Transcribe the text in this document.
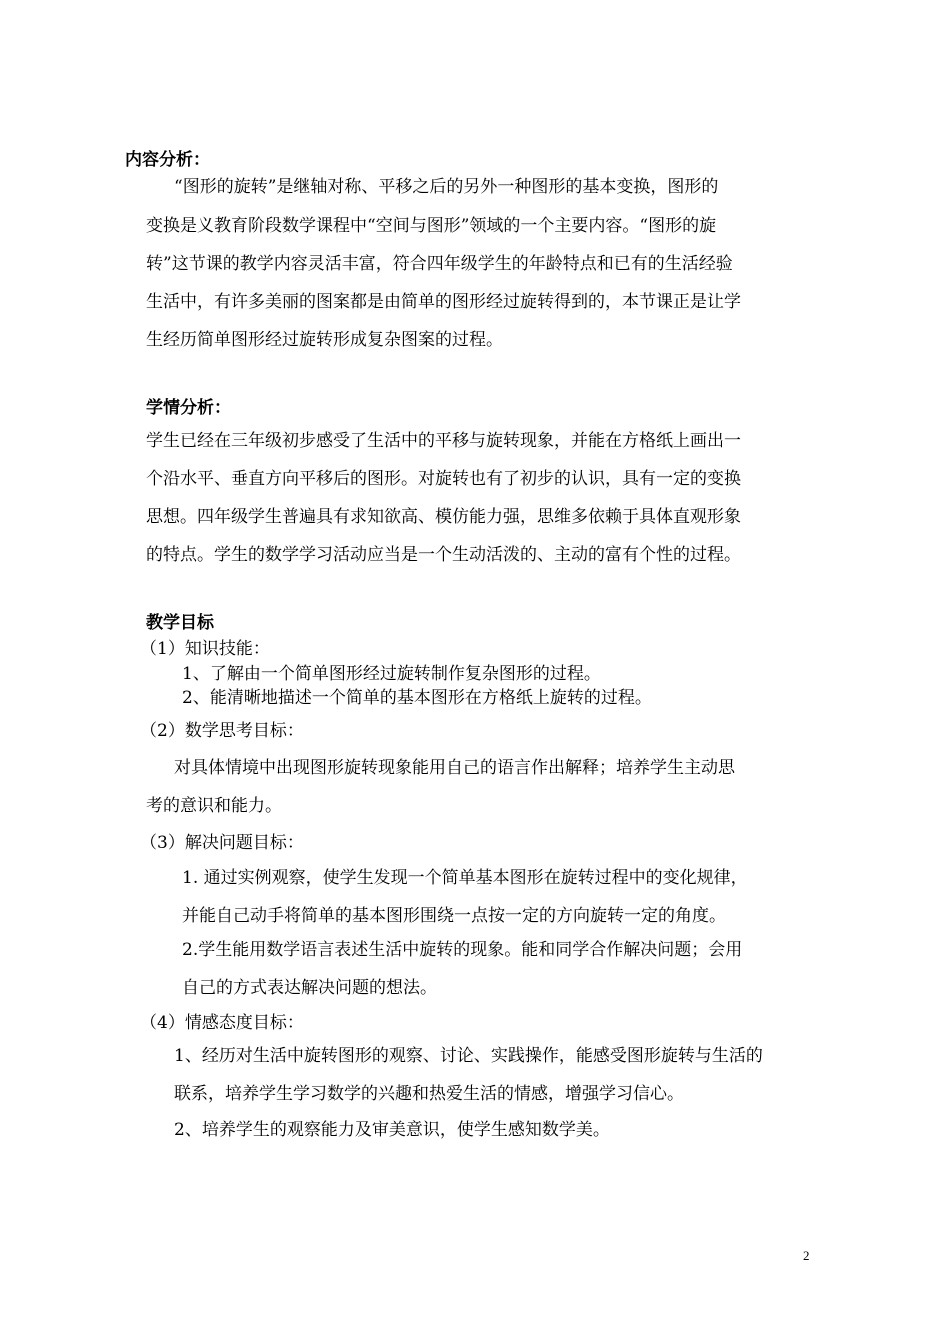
内容分析：
“图形的旋转”是继轴对称、平移之后的另外一种图形的基本变换，图形的
变换是义教育阶段数学课程中“空间与图形”领域的一个主要内容。“图形的旋
转”这节课的教学内容灵活丰富，符合四年级学生的年龄特点和已有的生活经验
生活中，有许多美丽的图案都是由简单的图形经过旋转得到的，本节课正是让学
生经历简单图形经过旋转形成复杂图案的过程。
学情分析：
学生已经在三年级初步感受了生活中的平移与旋转现象，并能在方格纸上画出一
个沿水平、垂直方向平移后的图形。对旋转也有了初步的认识，具有一定的变换
思想。四年级学生普遍具有求知欲高、模仿能力强，思维多依赖于具体直观形象
的特点。学生的数学学习活动应当是一个生动活泼的、主动的富有个性的过程。
教学目标
（1）知识技能：
1、了解由一个简单图形经过旋转制作复杂图形的过程。
2、能清晰地描述一个简单的基本图形在方格纸上旋转的过程。
（2）数学思考目标：
对具体情境中出现图形旋转现象能用自己的语言作出解释；培养学生主动思
考的意识和能力。
（3）解决问题目标：
1. 通过实例观察，使学生发现一个简单基本图形在旋转过程中的变化规律，
并能自己动手将简单的基本图形围绕一点按一定的方向旋转一定的角度。
2.学生能用数学语言表述生活中旋转的现象。能和同学合作解决问题；会用
自己的方式表达解决问题的想法。
（4）情感态度目标：
1、经历对生活中旋转图形的观察、讨论、实践操作，能感受图形旋转与生活的
联系，培养学生学习数学的兴趣和热爱生活的情感，增强学习信心。
2、培养学生的观察能力及审美意识，使学生感知数学美。
2
